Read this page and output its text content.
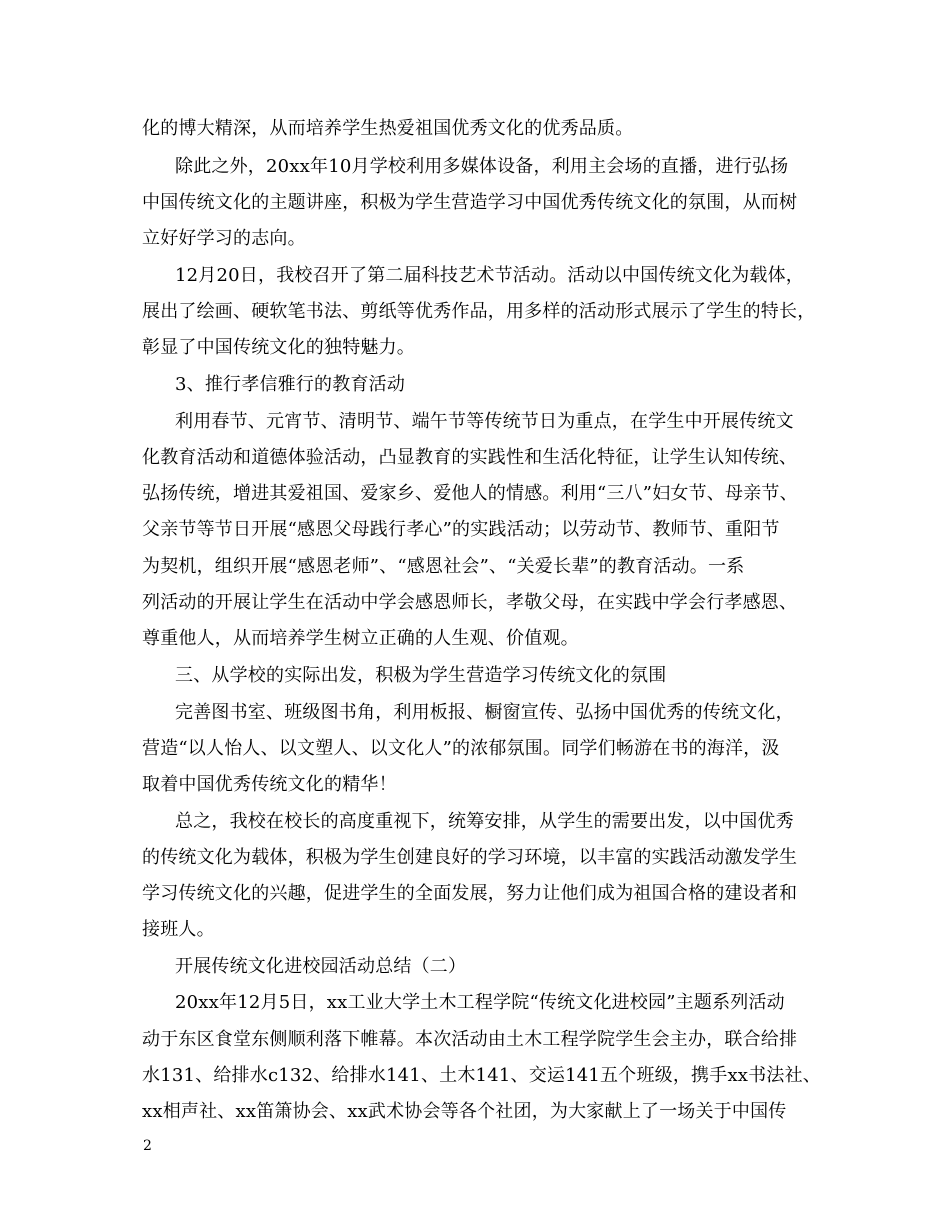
化的博大精深，从而培养学生热爱祖国优秀文化的优秀品质。
除此之外，20xx年10月学校利用多媒体设备，利用主会场的直播，进行弘扬
中国传统文化的主题讲座，积极为学生营造学习中国优秀传统文化的氛围，从而树
立好好学习的志向。
12月20日，我校召开了第二届科技艺术节活动。活动以中国传统文化为载体，
展出了绘画、硬软笔书法、剪纸等优秀作品，用多样的活动形式展示了学生的特长，
彰显了中国传统文化的独特魅力。
3、推行孝信雅行的教育活动
利用春节、元宵节、清明节、端午节等传统节日为重点，在学生中开展传统文
化教育活动和道德体验活动，凸显教育的实践性和生活化特征，让学生认知传统、
弘扬传统，增进其爱祖国、爱家乡、爱他人的情感。利用“三八”妇女节、母亲节、
父亲节等节日开展“感恩父母践行孝心”的实践活动；以劳动节、教师节、重阳节
为契机，组织开展“感恩老师”、“感恩社会”、“关爱长辈”的教育活动。一系
列活动的开展让学生在活动中学会感恩师长，孝敬父母，在实践中学会行孝感恩、
尊重他人，从而培养学生树立正确的人生观、价值观。
三、从学校的实际出发，积极为学生营造学习传统文化的氛围
完善图书室、班级图书角，利用板报、橱窗宣传、弘扬中国优秀的传统文化，
营造“以人怡人、以文塑人、以文化人”的浓郁氛围。同学们畅游在书的海洋，汲
取着中国优秀传统文化的精华！
总之，我校在校长的高度重视下，统筹安排，从学生的需要出发，以中国优秀
的传统文化为载体，积极为学生创建良好的学习环境，以丰富的实践活动激发学生
学习传统文化的兴趣，促进学生的全面发展，努力让他们成为祖国合格的建设者和
接班人。
开展传统文化进校园活动总结（二）
20xx年12月5日，xx工业大学土木工程学院“传统文化进校园”主题系列活动
动于东区食堂东侧顺利落下帷幕。本次活动由土木工程学院学生会主办，联合给排
水131、给排水c132、给排水141、土木141、交运141五个班级，携手xx书法社、
xx相声社、xx笛箫协会、xx武术协会等各个社团，为大家献上了一场关于中国传
2
